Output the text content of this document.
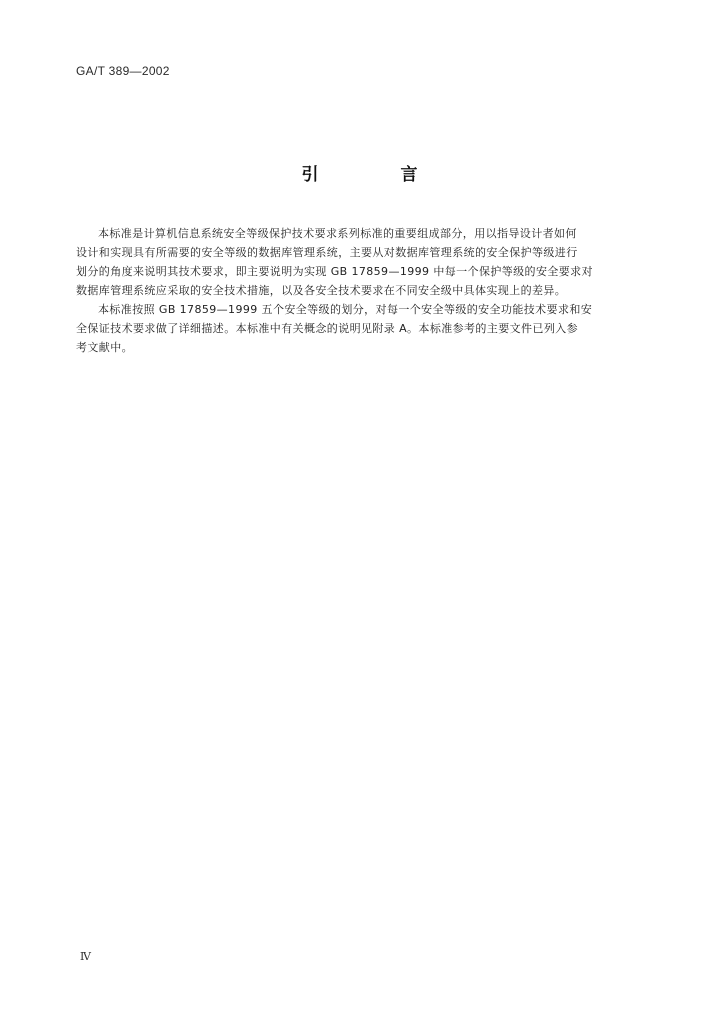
GA/T 389—2002
引 言
本标准是计算机信息系统安全等级保护技术要求系列标准的重要组成部分，用以指导设计者如何
设计和实现具有所需要的安全等级的数据库管理系统，主要从对数据库管理系统的安全保护等级进行
划分的角度来说明其技术要求，即主要说明为实现 GB 17859—1999 中每一个保护等级的安全要求对
数据库管理系统应采取的安全技术措施，以及各安全技术要求在不同安全级中具体实现上的差异。
本标准按照 GB 17859—1999 五个安全等级的划分，对每一个安全等级的安全功能技术要求和安
全保证技术要求做了详细描述。本标准中有关概念的说明见附录 A。本标准参考的主要文件已列入参
考文献中。
Ⅳ
